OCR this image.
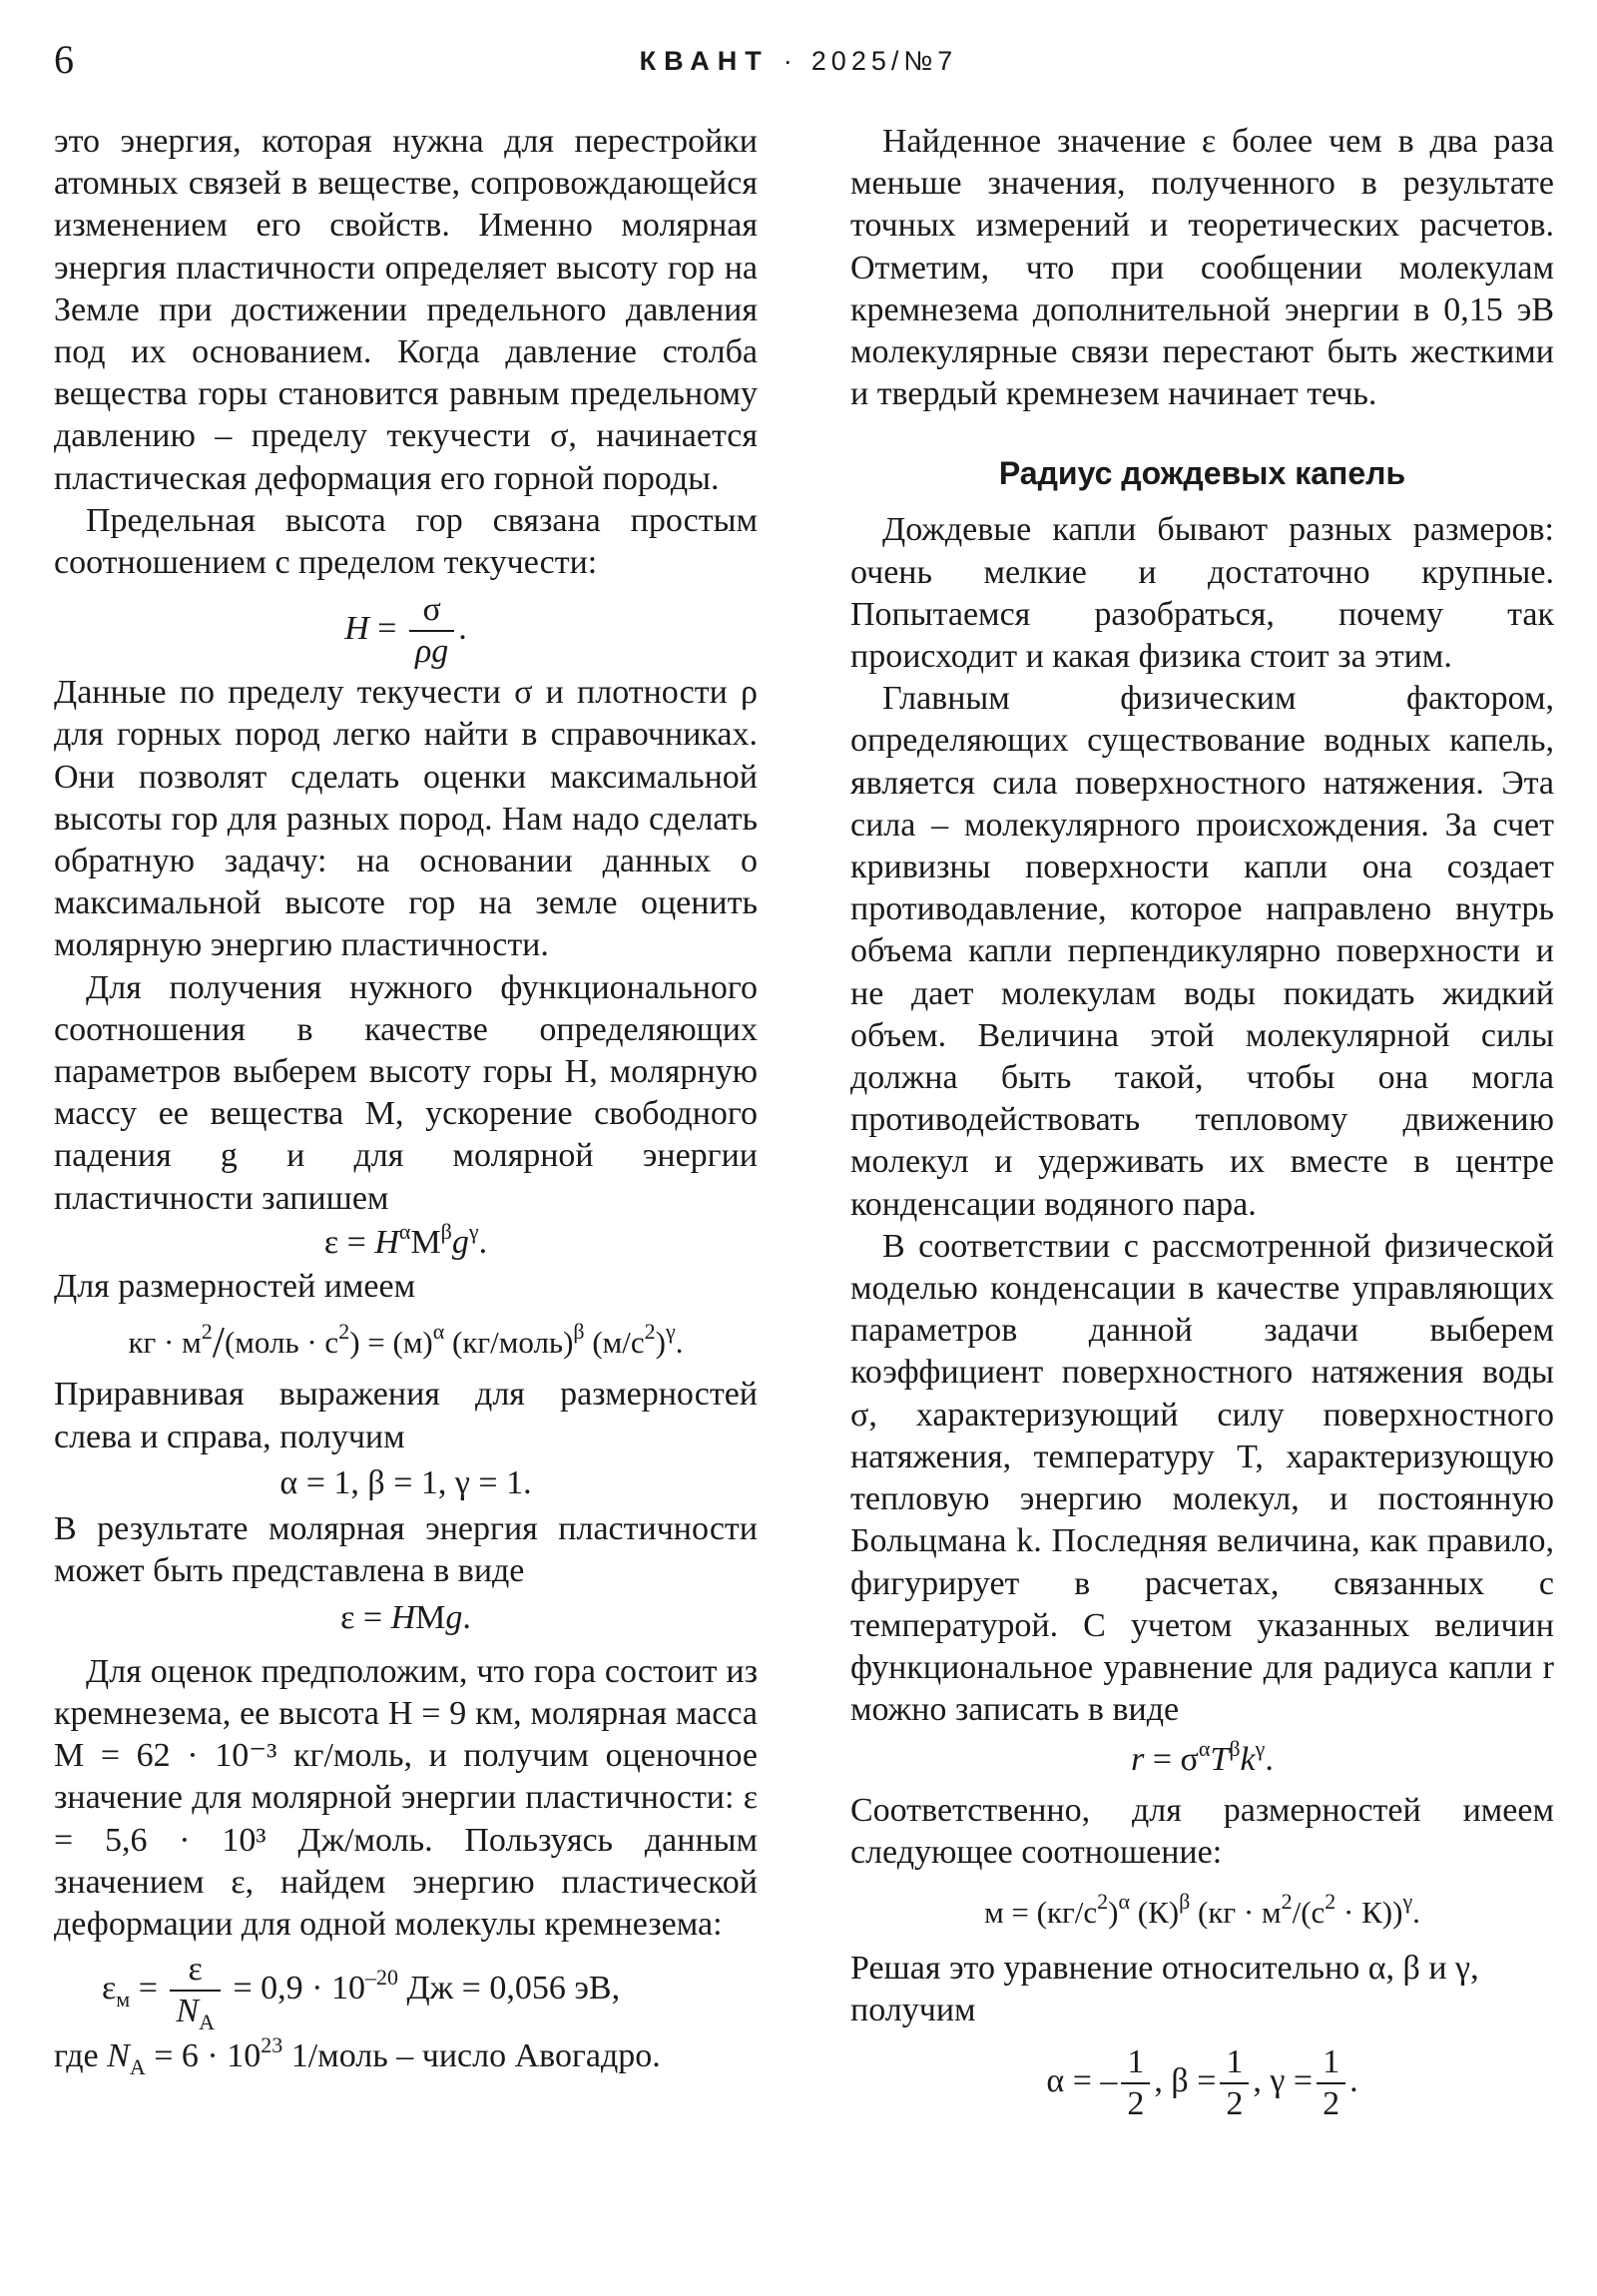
6	КВАНТ · 2025/№7

это энергия, которая нужна для перестройки атомных связей в веществе, сопровождающейся изменением его свойств. Именно молярная энергия пластичности определяет высоту гор на Земле при достижении предельного давления под их основанием. Когда давление столба вещества горы становится равным предельному давлению – пределу текучести σ, начинается пластическая деформация его горной породы.

Предельная высота гор связана простым соотношением с пределом текучести:

$H = \frac{\sigma}{\rho g}$ .

Данные по пределу текучести σ и плотности ρ для горных пород легко найти в справочниках. Они позволят сделать оценки максимальной высоты гор для разных пород. Нам надо сделать обратную задачу: на основании данных о максимальной высоте гор на земле оценить молярную энергию пластичности.

Для получения нужного функционального соотношения в качестве определяющих параметров выберем высоту горы H, молярную массу ее вещества М, ускорение свободного падения g и для молярной энергии пластичности запишем

$\varepsilon = H^\alpha М^\beta g^\gamma$.

Для размерностей имеем

кг · $м^2/(моль \cdot с^2) = (м)^\alpha$ (кг/моль)$^\beta$ $(м/с^2)^\gamma$.

Приравнивая выражения для размерностей слева и справа, получим

α = 1, β = 1, γ = 1.

В результате молярная энергия пластичности может быть представлена в виде

ε = HМg.

Для оценок предположим, что гора состоит из кремнезема, ее высота H = 9 км, молярная масса М = 62 · 10⁻³ кг/моль, и получим оценочное значение для молярной энергии пластичности: ε = 5,6 · 10³ Дж/моль. Пользуясь данным значением ε, найдем энергию пластической деформации для одной молекулы кремнезема:

$\varepsilon_м = \frac{\varepsilon}{N_А} = 0,9 \cdot 10^{-20}$ Дж = 0,056 эВ,

где $N_А = 6 \cdot 10^{23}$ 1/моль – число Авогадро.

Найденное значение ε более чем в два раза меньше значения, полученного в результате точных измерений и теоретических расчетов. Отметим, что при сообщении молекулам кремнезема дополнительной энергии в 0,15 эВ молекулярные связи перестают быть жесткими и твердый кремнезем начинает течь.

Радиус дождевых капель

Дождевые капли бывают разных размеров: очень мелкие и достаточно крупные. Попытаемся разобраться, почему так происходит и какая физика стоит за этим.

Главным физическим фактором, определяющих существование водных капель, является сила поверхностного натяжения. Эта сила – молекулярного происхождения. За счет кривизны поверхности капли она создает противодавление, которое направлено внутрь объема капли перпендикулярно поверхности и не дает молекулам воды покидать жидкий объем. Величина этой молекулярной силы должна быть такой, чтобы она могла противодействовать тепловому движению молекул и удерживать их вместе в центре конденсации водяного пара.

В соответствии с рассмотренной физической моделью конденсации в качестве управляющих параметров данной задачи выберем коэффициент поверхностного натяжения воды σ, характеризующий силу поверхностного натяжения, температуру T, характеризующую тепловую энергию молекул, и постоянную Больцмана k. Последняя величина, как правило, фигурирует в расчетах, связанных с температурой. С учетом указанных величин функциональное уравнение для радиуса капли r можно записать в виде

$r = \sigma^\alpha T^\beta k^\gamma$.

Соответственно, для размерностей имеем следующее соотношение:

$м = (кг/с^2)^\alpha$ $(К)^\beta$ $(кг \cdot м^2/(с^2 \cdot К))^\gamma$.

Решая это уравнение относительно α, β и γ, получим

α = – $\frac{1}{2}$ , $\beta = \frac{1}{2}$ , $\gamma = \frac{1}{2}$ .
